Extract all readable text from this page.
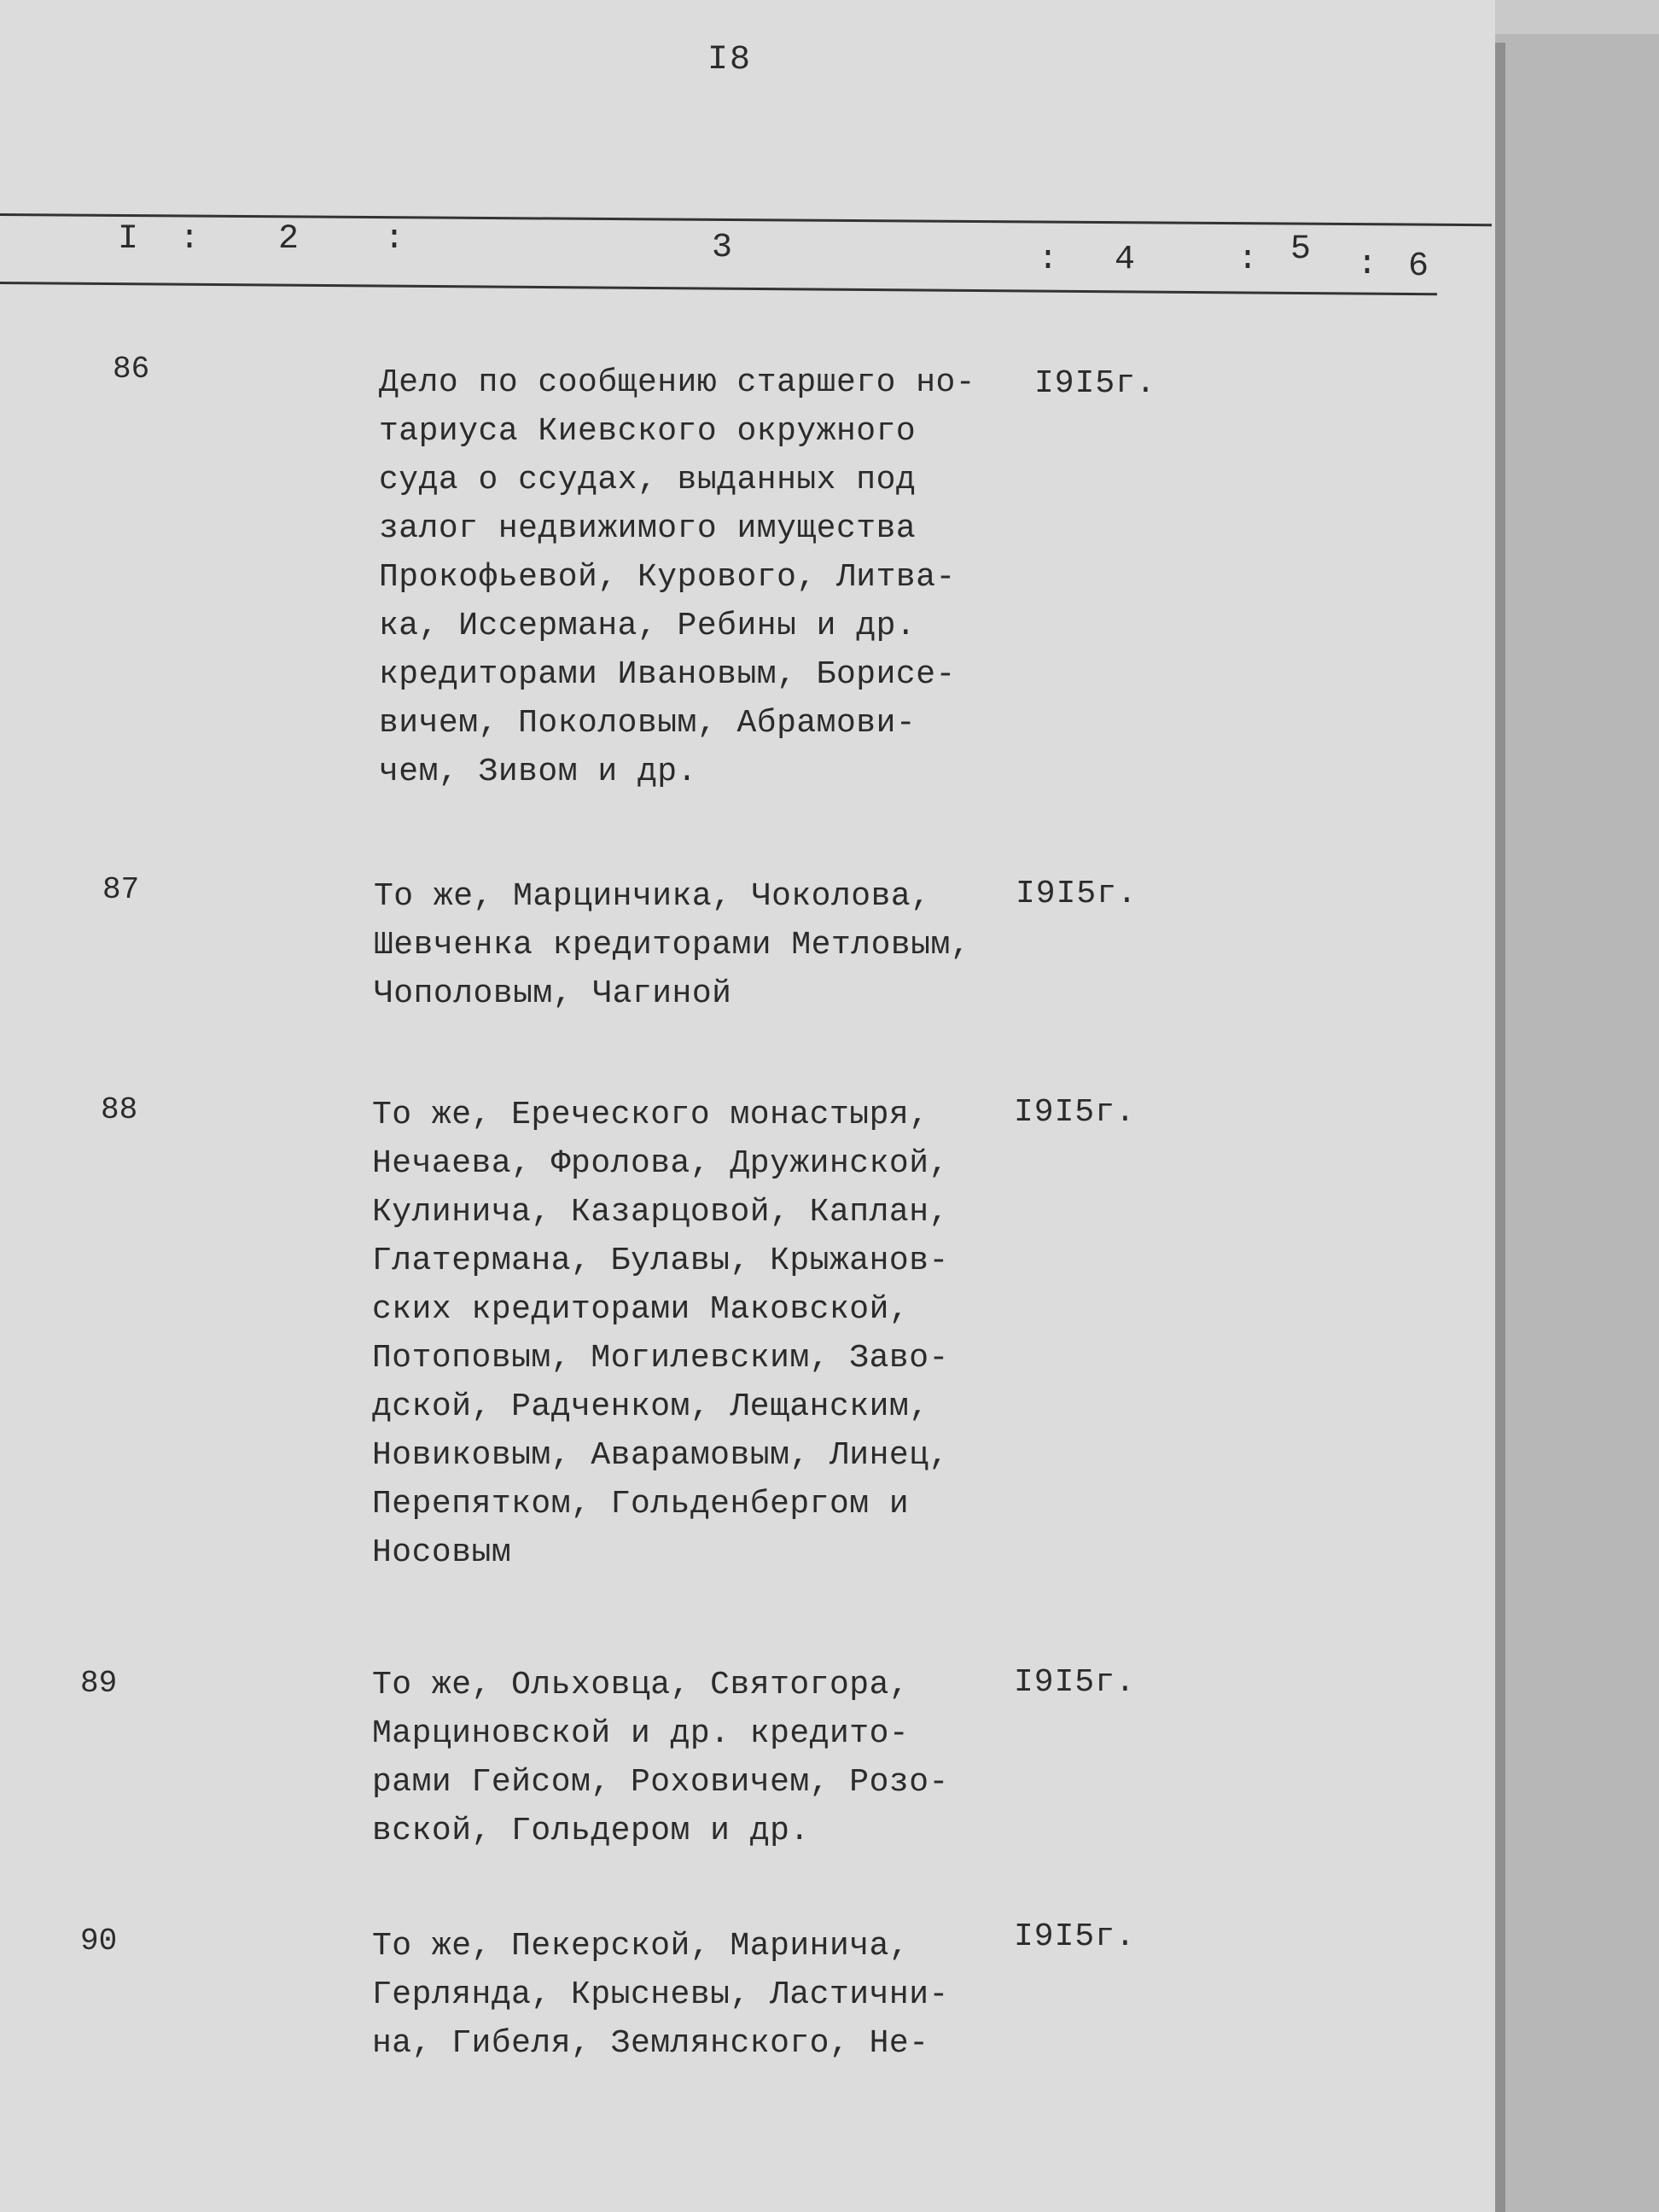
I8
I : 2 :	3	: 4	: 5 : 6
86	Дело по сообщению старшего но-
тариуса Киевского окружного
суда о ссудах, выданных под
залог недвижимого имущества
Прокофьевой, Курового, Литва-
ка, Иссермана, Ребины и др.
кредиторами Ивановым, Борисе-
вичем, Поколовым, Абрамови-
чем, Зивом и др.
I9I5г.
87	То же, Марцинчика, Чоколова,
Шевченка кредиторами Метловым,
Чополовым, Чагиной
I9I5г.
88	То же, Еречеcкого монастыря,
Нечаева, Фролова, Дружинской,
Кулинича, Казарцовой, Каплан,
Глатермана, Булавы, Крыжанов-
ских кредиторами Маковской,
Потоповым, Могилевским, Заво-
дской, Радченком, Лещанским,
Новиковым, Аварамовым, Линец,
Перепятком, Гольденбергом и
Носовым
I9I5г.
89	То же, Ольховца, Святогора,
Марциновской и др. кредито-
рами Гейсом, Роховичем, Розо-
вской, Гольдером и др.
I9I5г.
90	То же, Пекерской, Маринича,
Герлянда, Крысневы, Ластични-
на, Гибеля, Землянского, Не-
I9I5г.
